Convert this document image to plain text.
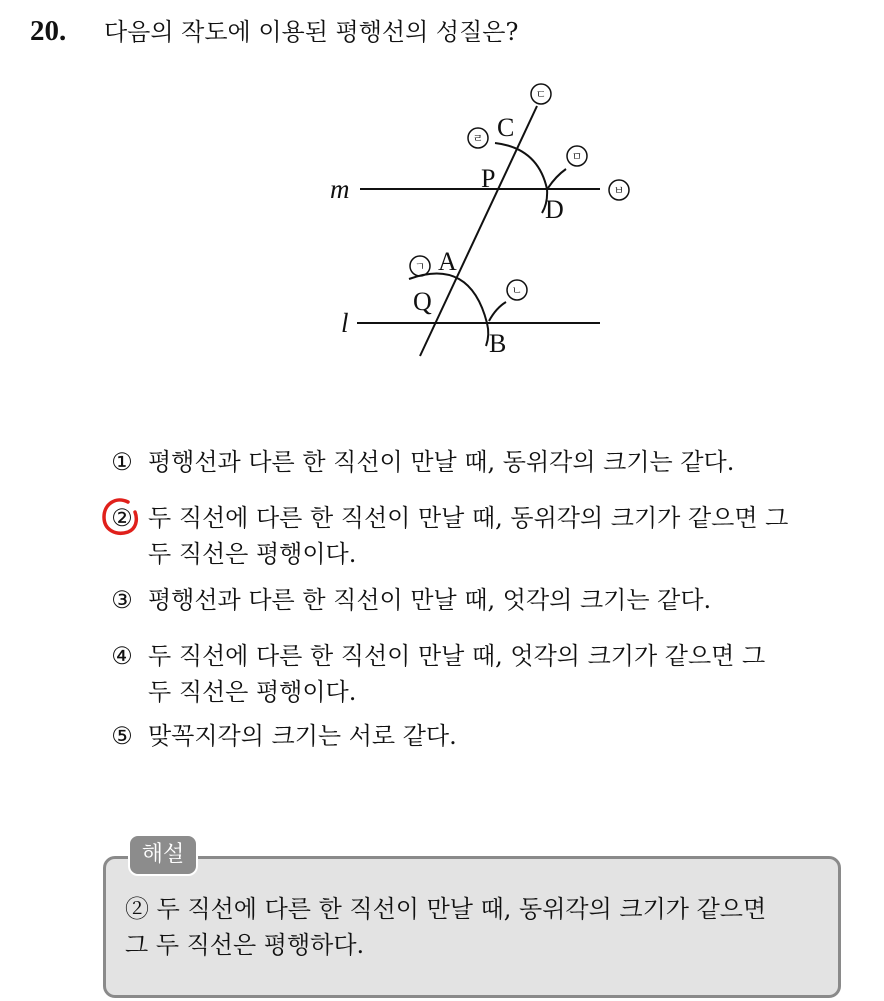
20. 다음의 작도에 이용된 평행선의 성질은?
m
l
C
P
D
A
Q
B
ㄱ
ㄴ
ㄷ
ㄹ
ㅁ
ㅂ
① 평행선과 다른 한 직선이 만날 때, 동위각의 크기는 같다.
② 두 직선에 다른 한 직선이 만날 때, 동위각의 크기가 같으면 그
두 직선은 평행이다.
③ 평행선과 다른 한 직선이 만날 때, 엇각의 크기는 같다.
④ 두 직선에 다른 한 직선이 만날 때, 엇각의 크기가 같으면 그
두 직선은 평행이다.
⑤ 맞꼭지각의 크기는 서로 같다.
해설
② 두 직선에 다른 한 직선이 만날 때, 동위각의 크기가 같으면
그 두 직선은 평행하다.
